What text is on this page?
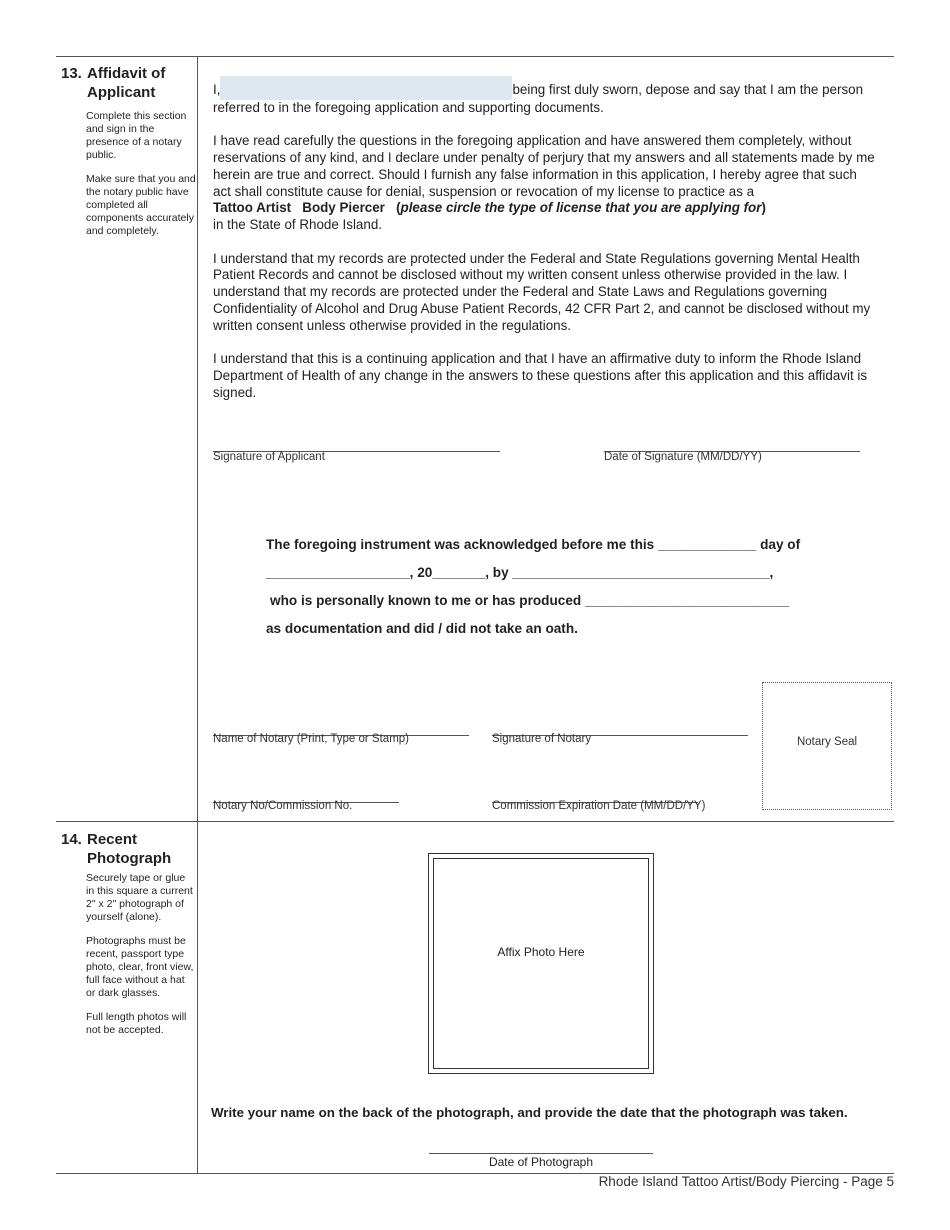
13. Affidavit of
Applicant

Complete this section and sign in the presence of a notary public.

Make sure that you and the notary public have completed all components accurately and completely.

I,	being first duly sworn, depose and say that I am the person referred to in the foregoing application and supporting documents.

I have read carefully the questions in the foregoing application and have answered them completely, without reservations of any kind, and I declare under penalty of perjury that my answers and all statements made by me herein are true and correct. Should I furnish any false information in this application, I hereby agree that such act shall constitute cause for denial, suspension or revocation of my license to practice as a
Tattoo Artist Body Piercer   (please circle the type of license that you are applying for)
in the State of Rhode Island.

I understand that my records are protected under the Federal and State Regulations governing Mental Health Patient Records and cannot be disclosed without my written consent unless otherwise provided in the law. I understand that my records are protected under the Federal and State Laws and Regulations governing Confidentiality of Alcohol and Drug Abuse Patient Records, 42 CFR Part 2, and cannot be disclosed without my written consent unless otherwise provided in the regulations.

I understand that this is a continuing application and that I have an affirmative duty to inform the Rhode Island Department of Health of any change in the answers to these questions after this application and this affidavit is signed.

Signature of Applicant	Date of Signature (MM/DD/YY)
The foregoing instrument was acknowledged before me this _____________ day of
___________________, 20_______, by __________________________________,
who is personally known to me or has produced ___________________________
as documentation and did / did not take an oath.
Name of Notary (Print, Type or Stamp)	Signature of Notary	Notary Seal
Notary No/Commission No.	Commission Expiration Date (MM/DD/YY)
14. Recent
Photograph

Securely tape or glue in this square a current 2" x 2" photograph of yourself (alone).

Photographs must be recent, passport type photo, clear, front view, full face without a hat or dark glasses.

Full length photos will not be accepted.

Affix Photo Here
Write your name on the back of the photograph, and provide the date that the photograph was taken.
Date of Photograph
Rhode Island Tattoo Artist/Body Piercing - Page 5
